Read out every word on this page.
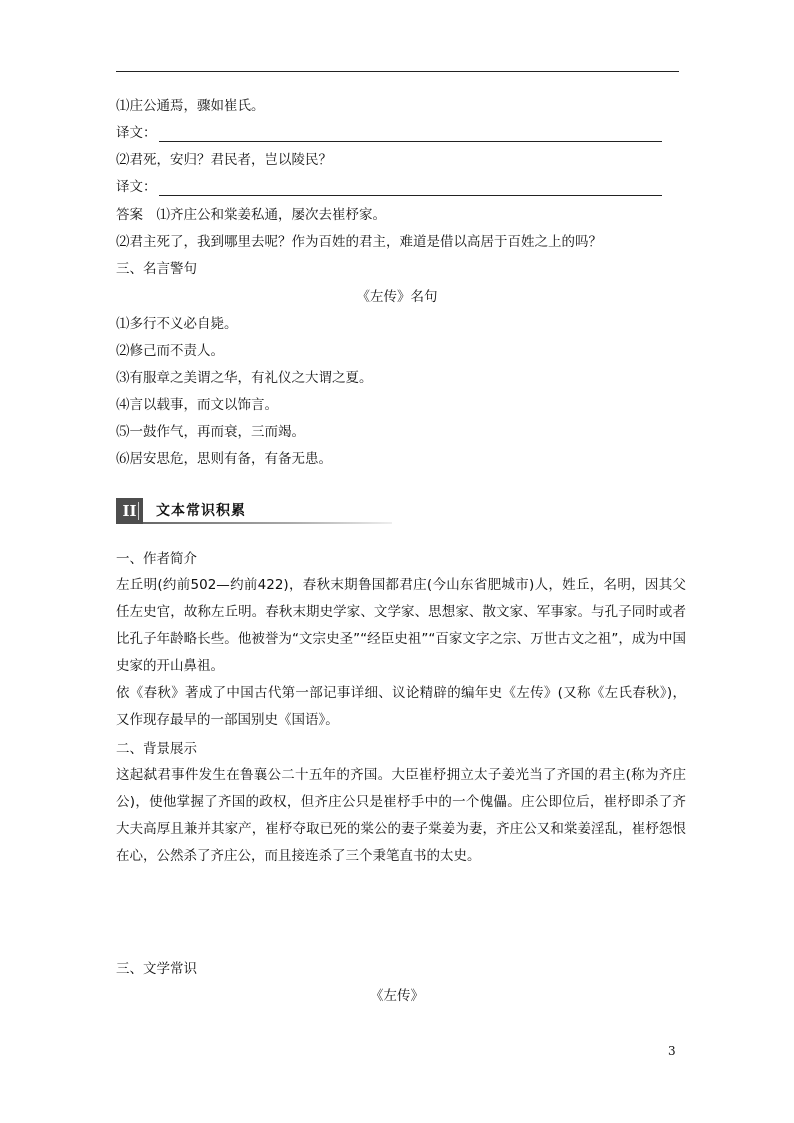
⑴庄公通焉，骤如崔氏。
译文：
⑵君死，安归？君民者，岂以陵民？
译文：
答案　⑴齐庄公和棠姜私通，屡次去崔杼家。
⑵君主死了，我到哪里去呢？作为百姓的君主，难道是借以高居于百姓之上的吗？
三、名言警句
《左传》名句
⑴多行不义必自毙。
⑵修己而不责人。
⑶有服章之美谓之华，有礼仪之大谓之夏。
⑷言以载事，而文以饰言。
⑸一鼓作气，再而衰，三而竭。
⑹居安思危，思则有备，有备无患。
II	文本常识积累
一、作者简介
左丘明(约前502—约前422)，春秋末期鲁国都君庄(今山东省肥城市)人，姓丘，名明，因其父任左史官，故称左丘明。春秋末期史学家、文学家、思想家、散文家、军事家。与孔子同时或者比孔子年龄略长些。他被誉为“文宗史圣”“经臣史祖”“百家文字之宗、万世古文之祖”，成为中国史家的开山鼻祖。
依《春秋》著成了中国古代第一部记事详细、议论精辟的编年史《左传》(又称《左氏春秋》)，又作现存最早的一部国别史《国语》。
二、背景展示
这起弑君事件发生在鲁襄公二十五年的齐国。大臣崔杼拥立太子姜光当了齐国的君主(称为齐庄公)，使他掌握了齐国的政权，但齐庄公只是崔杼手中的一个傀儡。庄公即位后，崔杼即杀了齐大夫高厚且兼并其家产，崔杼夺取已死的棠公的妻子棠姜为妻，齐庄公又和棠姜淫乱，崔杼怨恨在心，公然杀了齐庄公，而且接连杀了三个秉笔直书的太史。
三、文学常识
《左传》
3
